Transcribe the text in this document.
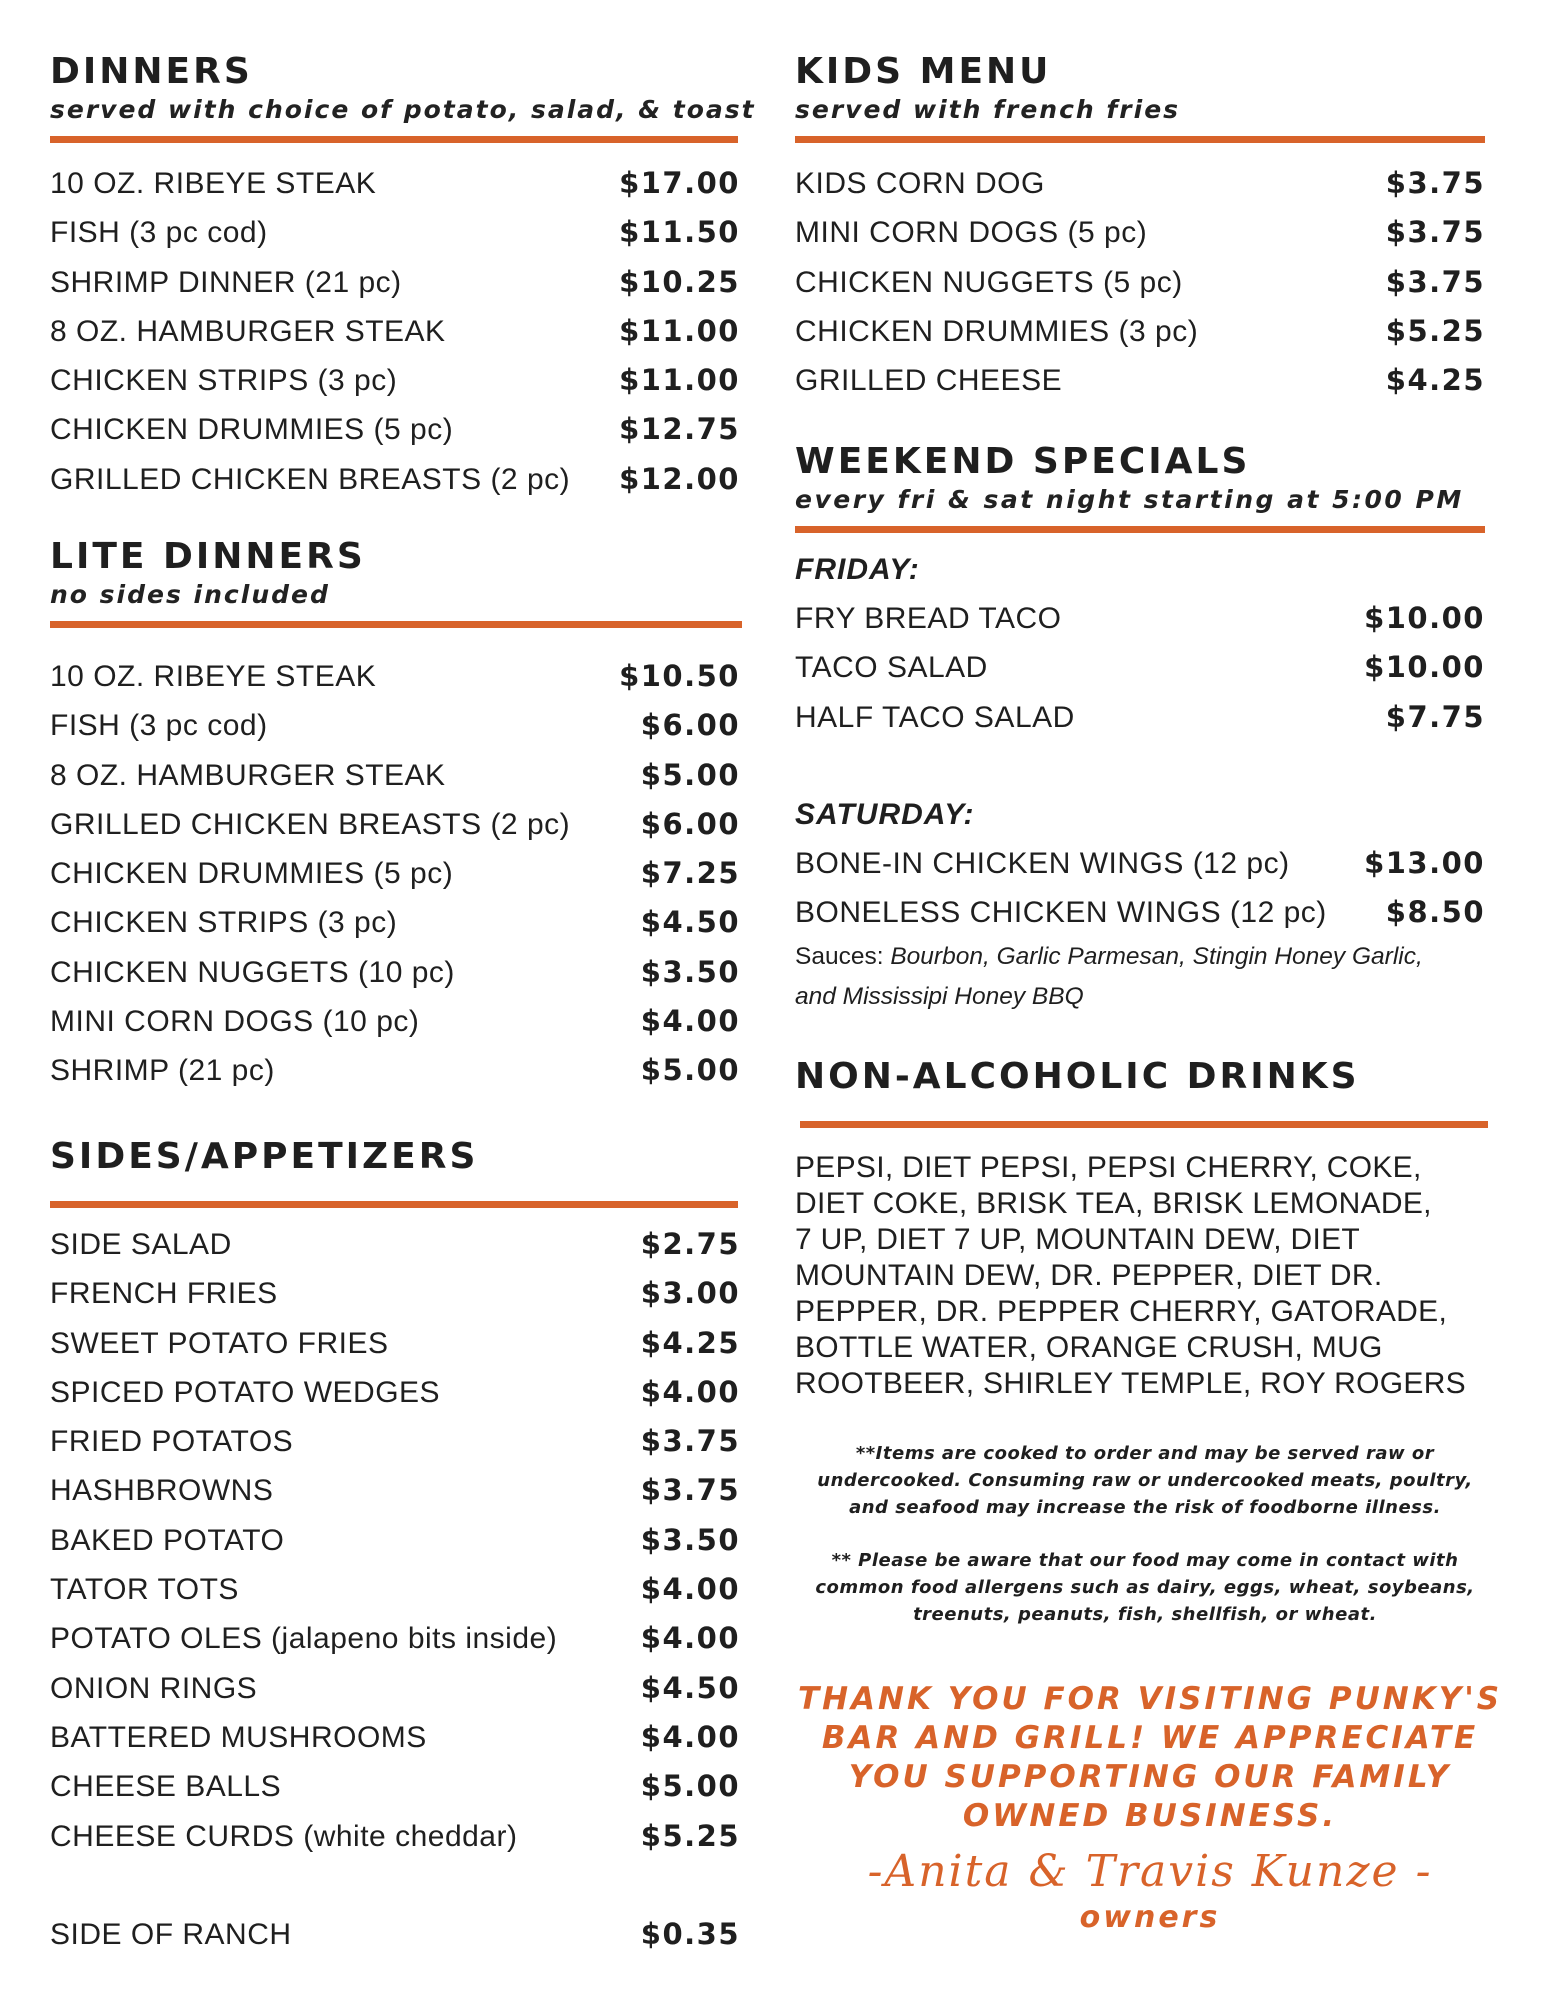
DINNERS
served with choice of potato, salad, & toast
10 OZ. RIBEYE STEAK	$17.00
FISH (3 pc cod)	$11.50
SHRIMP DINNER (21 pc)	$10.25
8 OZ. HAMBURGER STEAK	$11.00
CHICKEN STRIPS (3 pc)	$11.00
CHICKEN DRUMMIES (5 pc)	$12.75
GRILLED CHICKEN BREASTS (2 pc) $12.00
LITE DINNERS
no sides included
10 OZ. RIBEYE STEAK	$10.50
FISH (3 pc cod)	$6.00
8 OZ. HAMBURGER STEAK	$5.00
GRILLED CHICKEN BREASTS (2 pc) $6.00
CHICKEN DRUMMIES (5 pc)	$7.25
CHICKEN STRIPS (3 pc)	$4.50
CHICKEN NUGGETS (10 pc)	$3.50
MINI CORN DOGS (10 pc)	$4.00
SHRIMP (21 pc)	$5.00
SIDES/APPETIZERS
SIDE SALAD	$2.75
FRENCH FRIES	$3.00
SWEET POTATO FRIES	$4.25
SPICED POTATO WEDGES	$4.00
FRIED POTATOS	$3.75
HASHBROWNS	$3.75
BAKED POTATO	$3.50
TATOR TOTS	$4.00
POTATO OLES (jalapeno bits inside)	$4.00
ONION RINGS	$4.50
BATTERED MUSHROOMS	$4.00
CHEESE BALLS	$5.00
CHEESE CURDS (white cheddar)	$5.25
SIDE OF RANCH	$0.35
KIDS MENU
served with french fries
KIDS CORN DOG	$3.75
MINI CORN DOGS (5 pc)	$3.75
CHICKEN NUGGETS (5 pc)	$3.75
CHICKEN DRUMMIES (3 pc)	$5.25
GRILLED CHEESE	$4.25
WEEKEND SPECIALS
every fri & sat night starting at 5:00 PM
FRIDAY:
FRY BREAD TACO	$10.00
TACO SALAD	$10.00
HALF TACO SALAD	$7.75
SATURDAY:
BONE-IN CHICKEN WINGS (12 pc)	$13.00
BONELESS CHICKEN WINGS (12 pc) $8.50
Sauces: Bourbon, Garlic Parmesan, Stingin Honey Garlic,
and Mississipi Honey BBQ
NON-ALCOHOLIC DRINKS
PEPSI, DIET PEPSI, PEPSI CHERRY, COKE,
DIET COKE, BRISK TEA, BRISK LEMONADE,
7 UP, DIET 7 UP, MOUNTAIN DEW, DIET
MOUNTAIN DEW, DR. PEPPER, DIET DR.
PEPPER, DR. PEPPER CHERRY, GATORADE,
BOTTLE WATER, ORANGE CRUSH, MUG
ROOTBEER, SHIRLEY TEMPLE, ROY ROGERS
**Items are cooked to order and may be served raw or
undercooked. Consuming raw or undercooked meats, poultry,
and seafood may increase the risk of foodborne illness.
** Please be aware that our food may come in contact with
common food allergens such as dairy, eggs, wheat, soybeans,
treenuts, peanuts, fish, shellfish, or wheat.
THANK YOU FOR VISITING PUNKY'S
BAR AND GRILL! WE APPRECIATE
YOU SUPPORTING OUR FAMILY
OWNED BUSINESS.
-Anita & Travis Kunze -
owners
